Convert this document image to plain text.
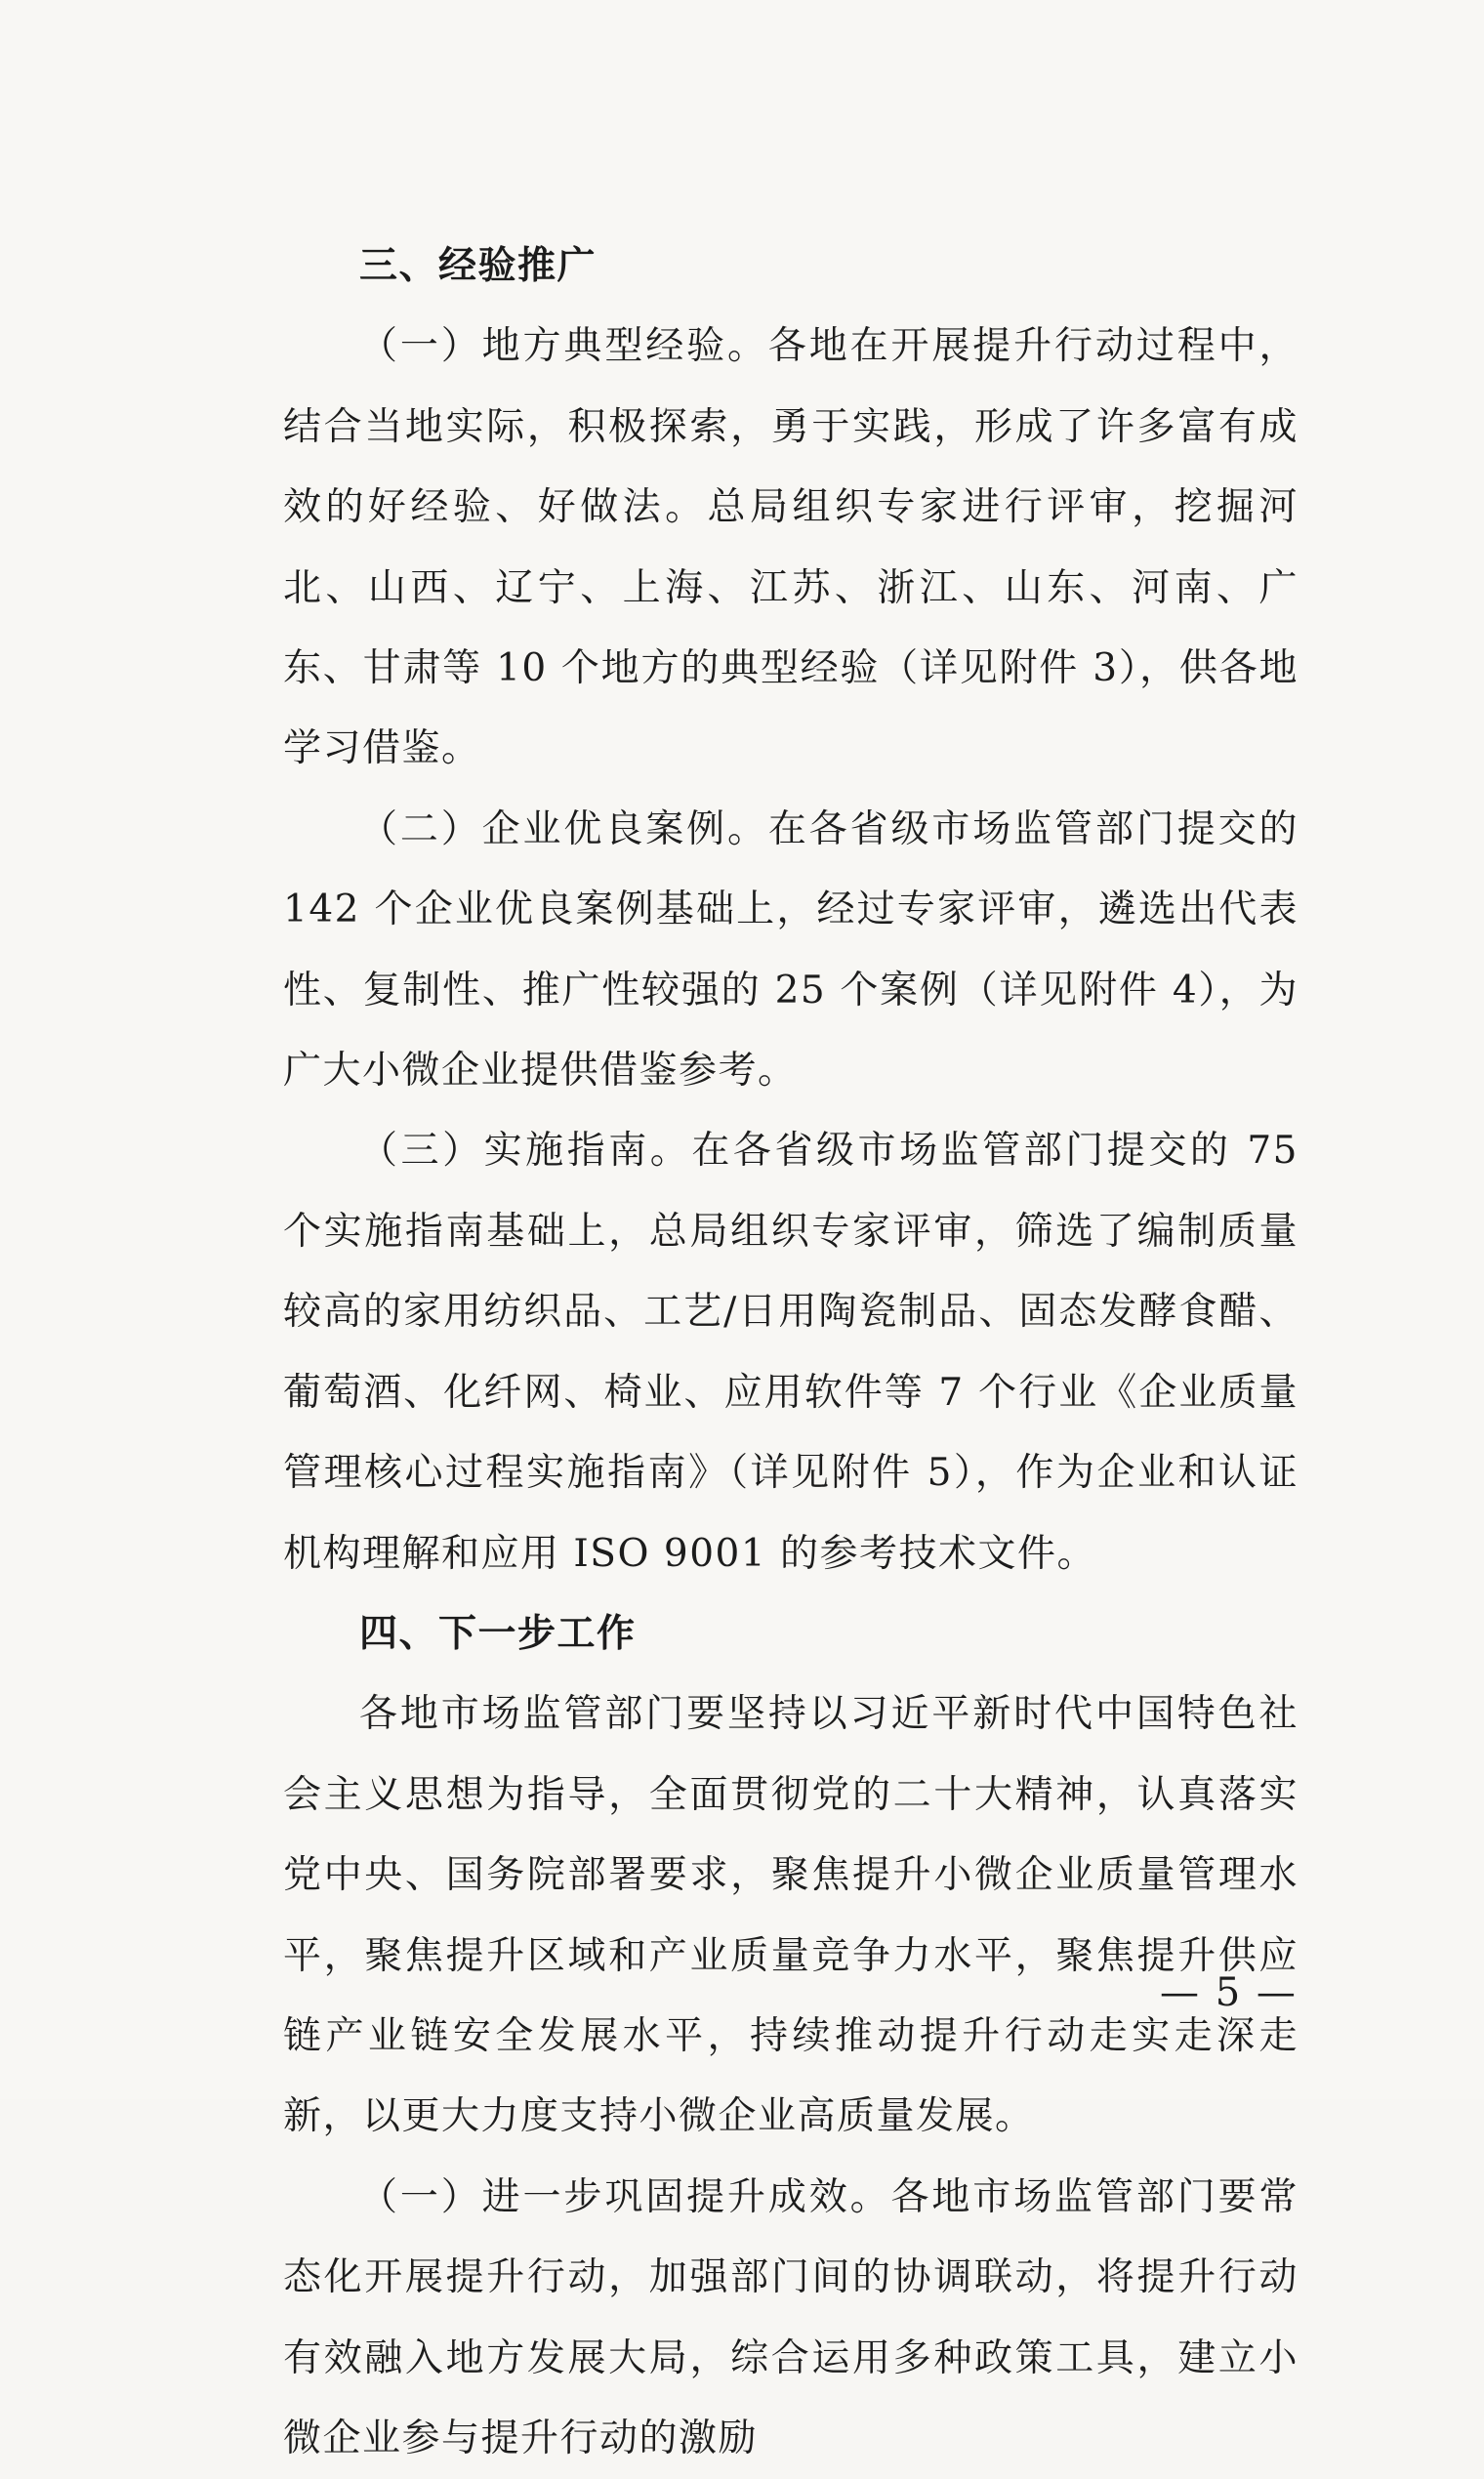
三、经验推广

（一）地方典型经验。各地在开展提升行动过程中，结合当地实际，积极探索，勇于实践，形成了许多富有成效的好经验、好做法。总局组织专家进行评审，挖掘河北、山西、辽宁、上海、江苏、浙江、山东、河南、广东、甘肃等 10 个地方的典型经验（详见附件 3），供各地学习借鉴。

（二）企业优良案例。在各省级市场监管部门提交的 142 个企业优良案例基础上，经过专家评审，遴选出代表性、复制性、推广性较强的 25 个案例（详见附件 4），为广大小微企业提供借鉴参考。

（三）实施指南。在各省级市场监管部门提交的 75 个实施指南基础上，总局组织专家评审，筛选了编制质量较高的家用纺织品、工艺/日用陶瓷制品、固态发酵食醋、葡萄酒、化纤网、椅业、应用软件等 7 个行业《企业质量管理核心过程实施指南》（详见附件 5），作为企业和认证机构理解和应用 ISO 9001 的参考技术文件。

四、下一步工作

各地市场监管部门要坚持以习近平新时代中国特色社会主义思想为指导，全面贯彻党的二十大精神，认真落实党中央、国务院部署要求，聚焦提升小微企业质量管理水平，聚焦提升区域和产业质量竞争力水平，聚焦提升供应链产业链安全发展水平，持续推动提升行动走实走深走新，以更大力度支持小微企业高质量发展。

（一）进一步巩固提升成效。各地市场监管部门要常态化开展提升行动，加强部门间的协调联动，将提升行动有效融入地方发展大局，综合运用多种政策工具，建立小微企业参与提升行动的激励

— 5 —
